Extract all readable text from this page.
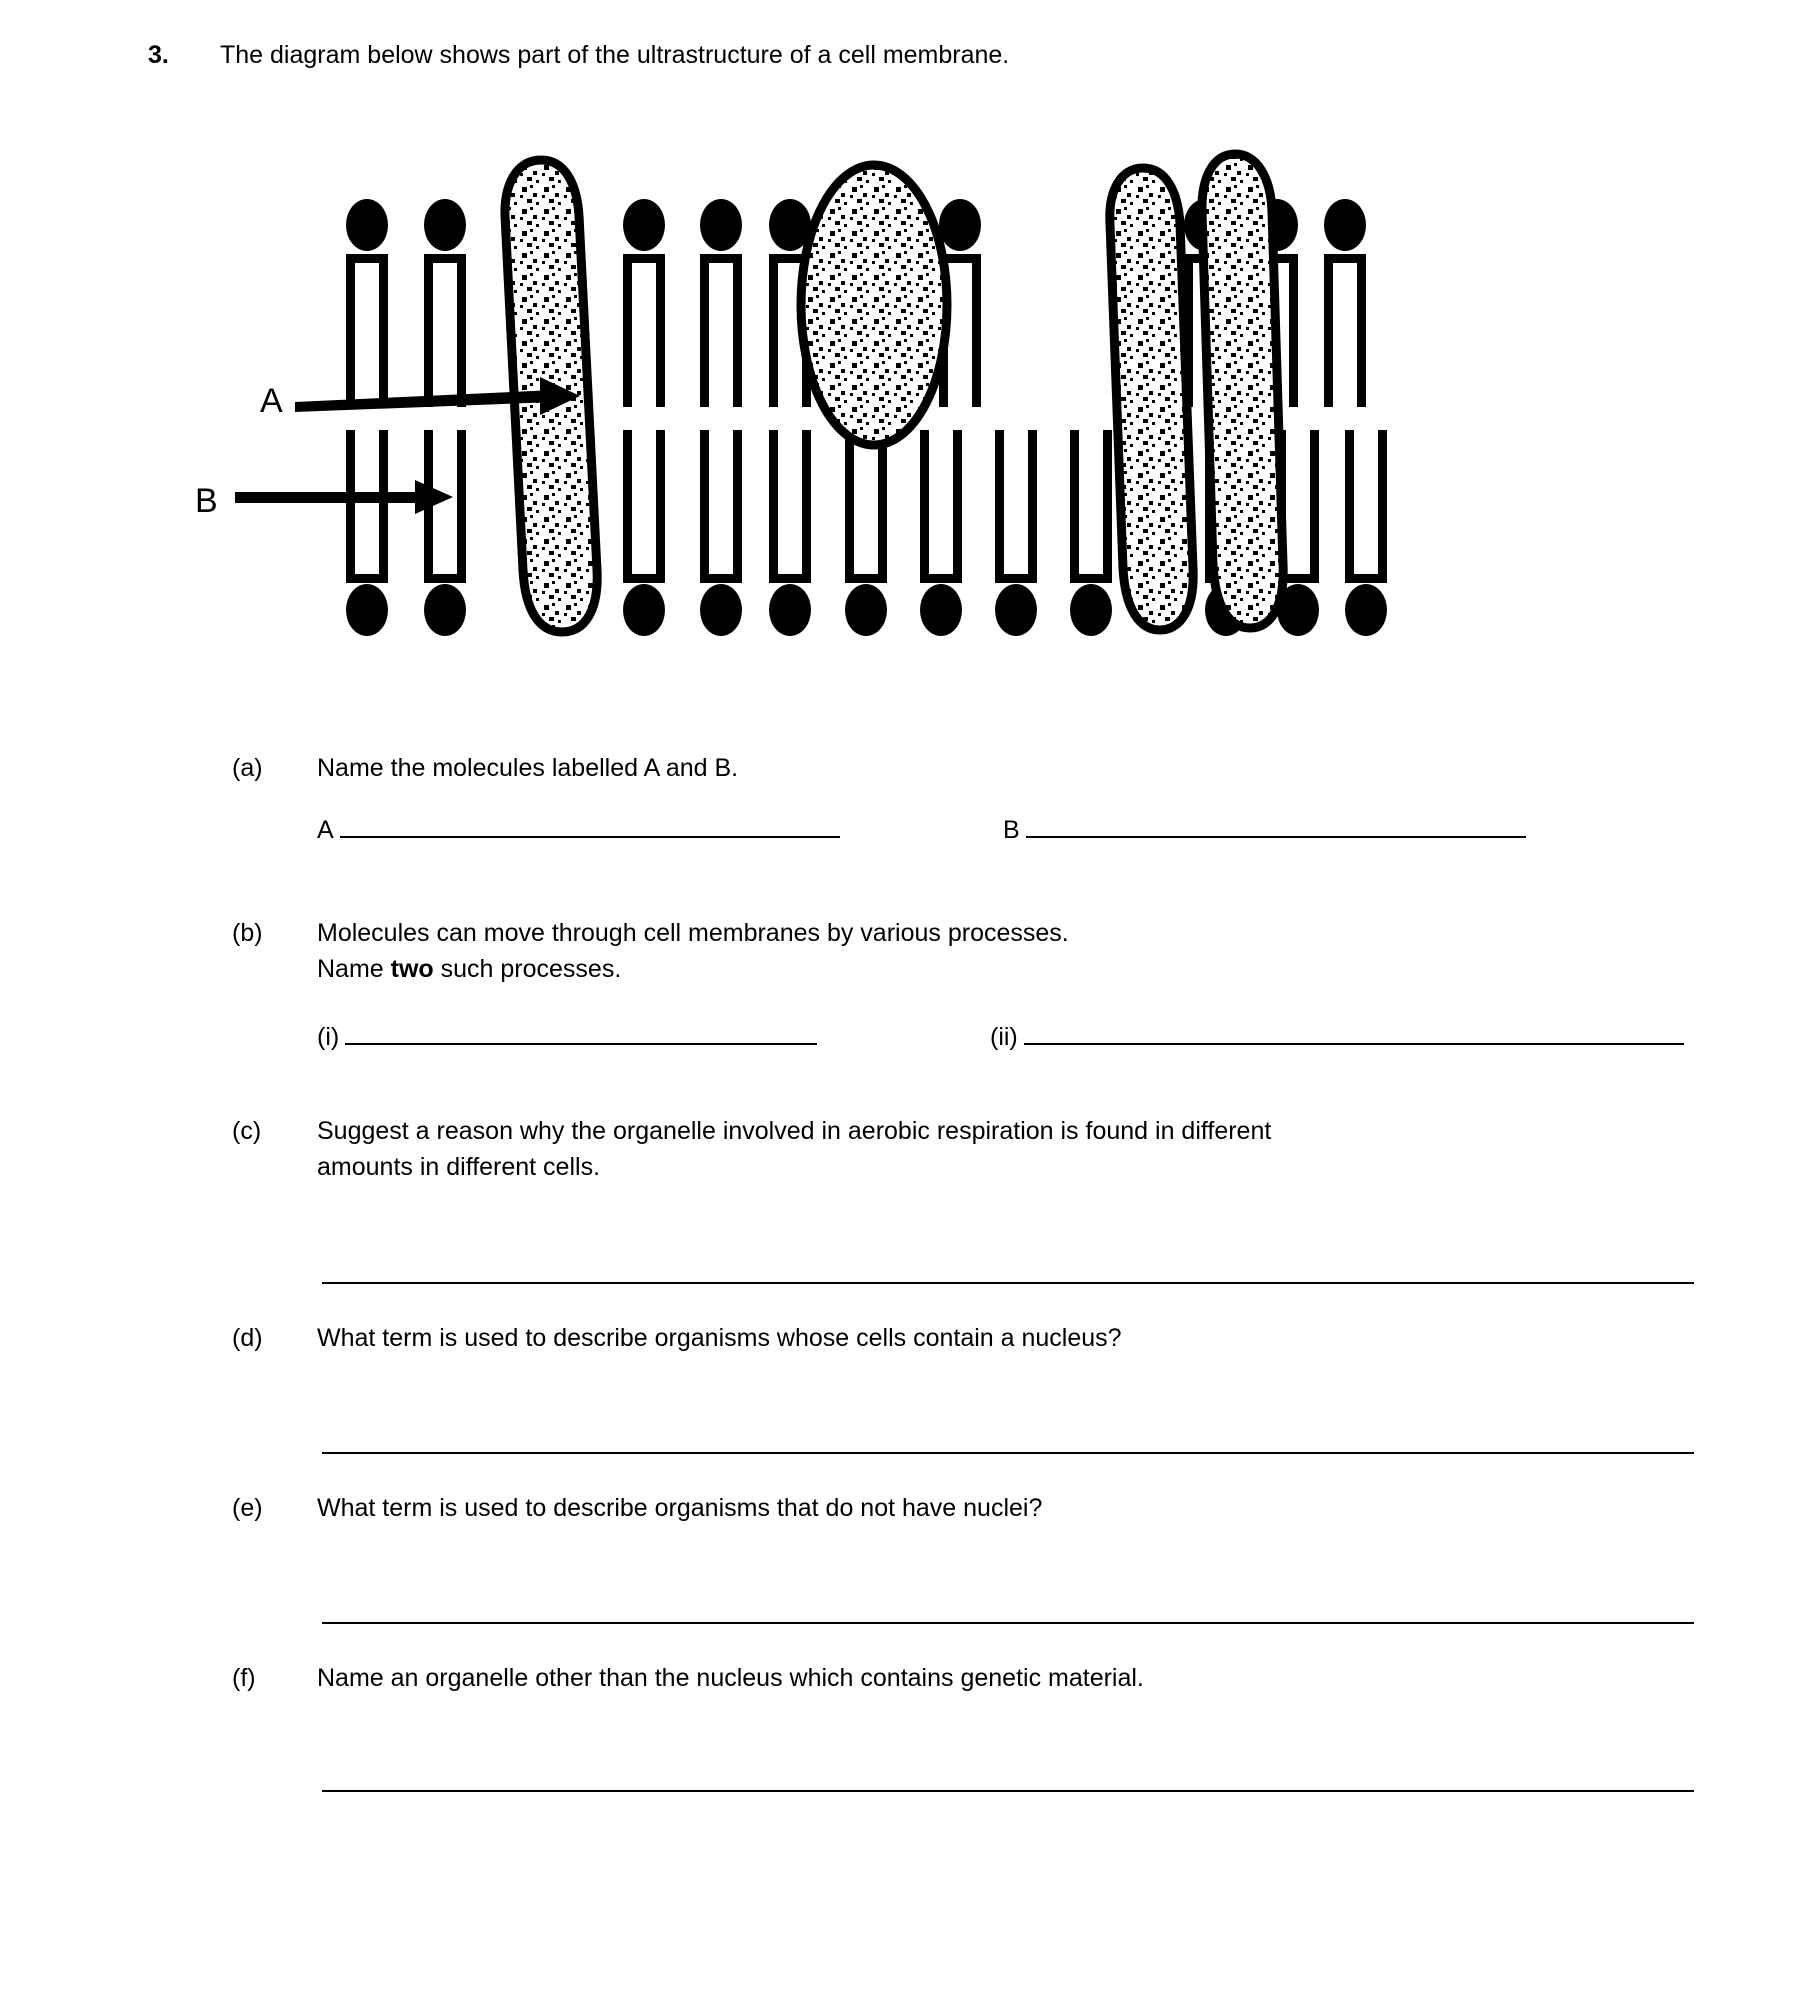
3.	The diagram below shows part of the ultrastructure of a cell membrane.
A
B
(a)	Name the molecules labelled A and B.
A	B
(b)	Molecules can move through cell membranes by various processes.
Name two such processes.
(i)	(ii)
(c)	Suggest a reason why the organelle involved in aerobic respiration is found in different
amounts in different cells.
(d)	What term is used to describe organisms whose cells contain a nucleus?
(e)	What term is used to describe organisms that do not have nuclei?
(f)	Name an organelle other than the nucleus which contains genetic material.
